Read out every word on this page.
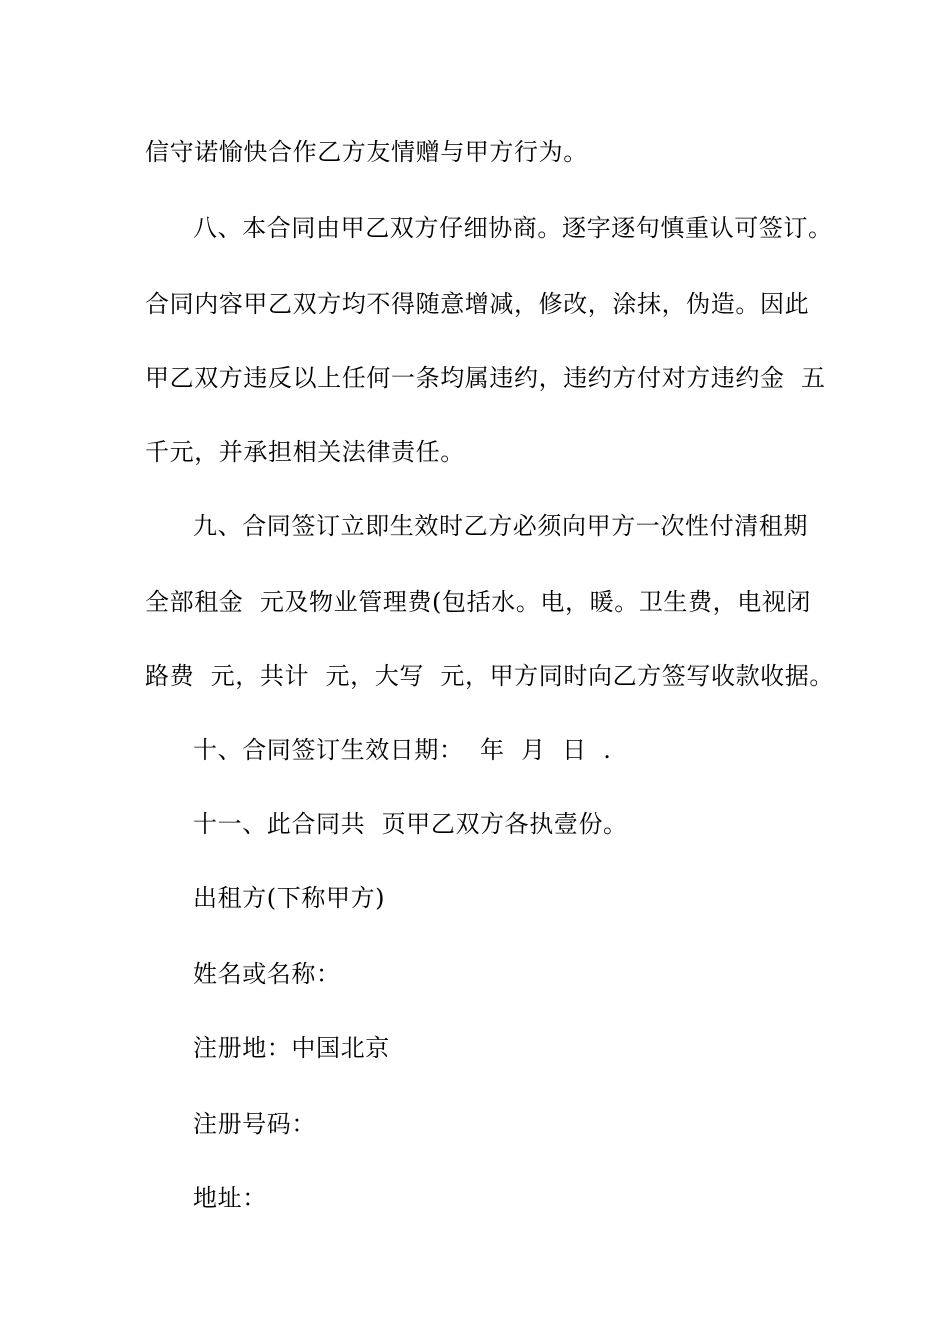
信守诺愉快合作乙方友情赠与甲方行为。
八、本合同由甲乙双方仔细协商。逐字逐句慎重认可签订。
合同内容甲乙双方均不得随意增减，修改，涂抹，伪造。因此
甲乙双方违反以上任何一条均属违约，违约方付对方违约金  五
千元，并承担相关法律责任。
九、合同签订立即生效时乙方必须向甲方一次性付清租期
全部租金  元及物业管理费(包括水。电，暖。卫生费，电视闭
路费  元，共计  元，大写  元，甲方同时向乙方签写收款收据。
十、合同签订生效日期：  年  月  日  .
十一、此合同共  页甲乙双方各执壹份。
出租方(下称甲方)
姓名或名称：
注册地：中国北京
注册号码：
地址：
